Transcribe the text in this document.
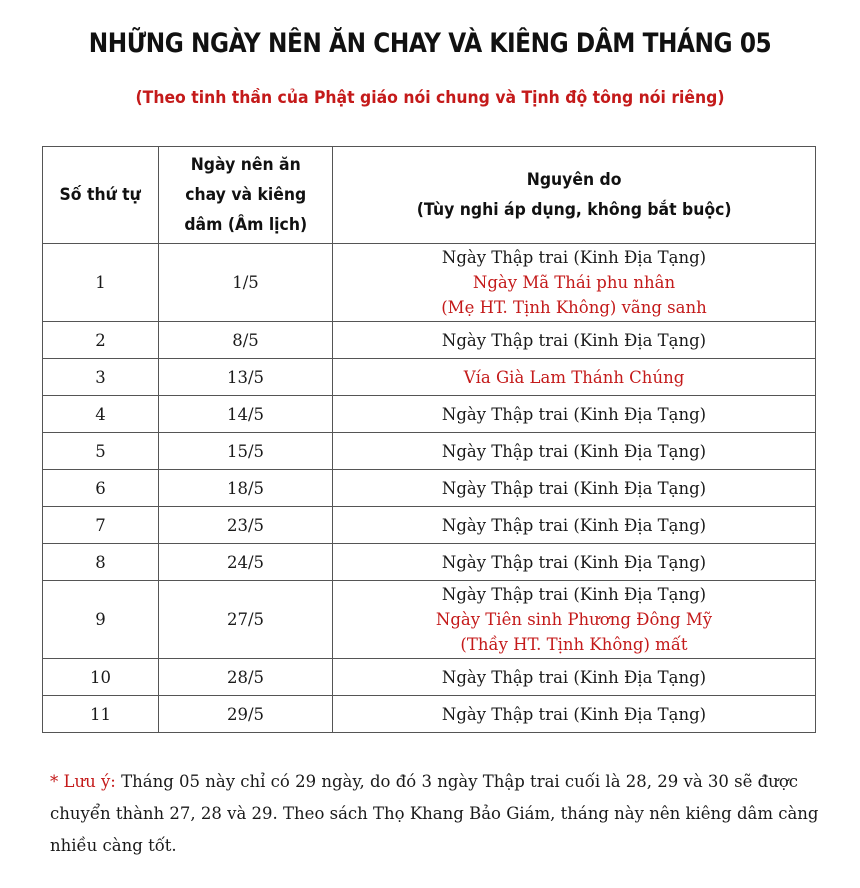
NHỮNG NGÀY NÊN ĂN CHAY VÀ KIÊNG DÂM THÁNG 05
(Theo tinh thần của Phật giáo nói chung và Tịnh độ tông nói riêng)
Số thứ tự	Ngày nên ăn
chay và kiêng
dâm (Âm lịch)	Nguyên do
(Tùy nghi áp dụng, không bắt buộc)

1	1/5	Ngày Thập trai (Kinh Địa Tạng)
Ngày Mã Thái phu nhân
(Mẹ HT. Tịnh Không) vãng sanh

2	8/5	Ngày Thập trai (Kinh Địa Tạng)

3	13/5	Vía Già Lam Thánh Chúng

4	14/5	Ngày Thập trai (Kinh Địa Tạng)

5	15/5	Ngày Thập trai (Kinh Địa Tạng)

6	18/5	Ngày Thập trai (Kinh Địa Tạng)

7	23/5	Ngày Thập trai (Kinh Địa Tạng)

8	24/5	Ngày Thập trai (Kinh Địa Tạng)

9	27/5	Ngày Thập trai (Kinh Địa Tạng)
Ngày Tiên sinh Phương Đông Mỹ
(Thầy HT. Tịnh Không) mất

10	28/5	Ngày Thập trai (Kinh Địa Tạng)

11	29/5	Ngày Thập trai (Kinh Địa Tạng)
* Lưu ý: Tháng 05 này chỉ có 29 ngày, do đó 3 ngày Thập trai cuối là 28, 29 và 30 sẽ được chuyển thành 27, 28 và 29. Theo sách Thọ Khang Bảo Giám, tháng này nên kiêng dâm càng nhiều càng tốt.
